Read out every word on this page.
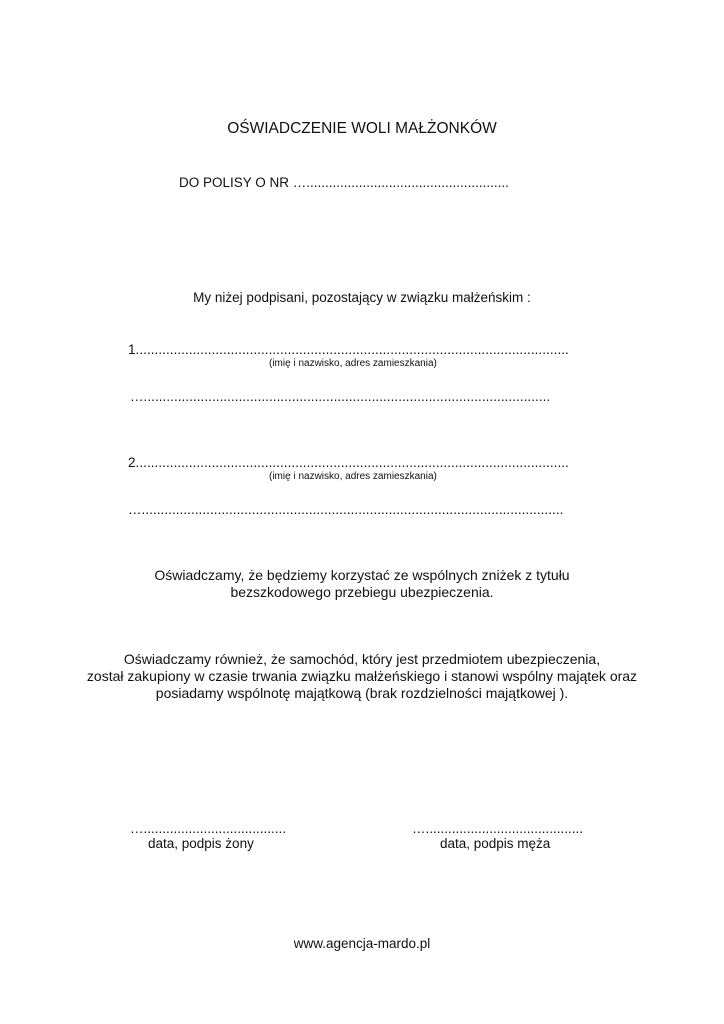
OŚWIADCZENIE WOLI MAŁŻONKÓW
DO POLISY O NR …......................................................
My niżej podpisani, pozostający w związku małżeńskim :
1..................................................................................................................
(imię i nazwisko, adres zamieszkania)
…...........................................................................................................
2..................................................................................................................
(imię i nazwisko, adres zamieszkania)
…...............................................................................................................
Oświadczamy, że będziemy korzystać ze wspólnych zniżek z tytułu
bezszkodowego przebiegu ubezpieczenia.
Oświadczamy również, że samochód, który jest przedmiotem ubezpieczenia,
został zakupiony w czasie trwania związku małżeńskiego i stanowi wspólny majątek oraz
posiadamy wspólnotę majątkową (brak rozdzielności majątkowej ).
…......................................
data, podpis żony
…..........................................
data, podpis męża
www.agencja-mardo.pl
